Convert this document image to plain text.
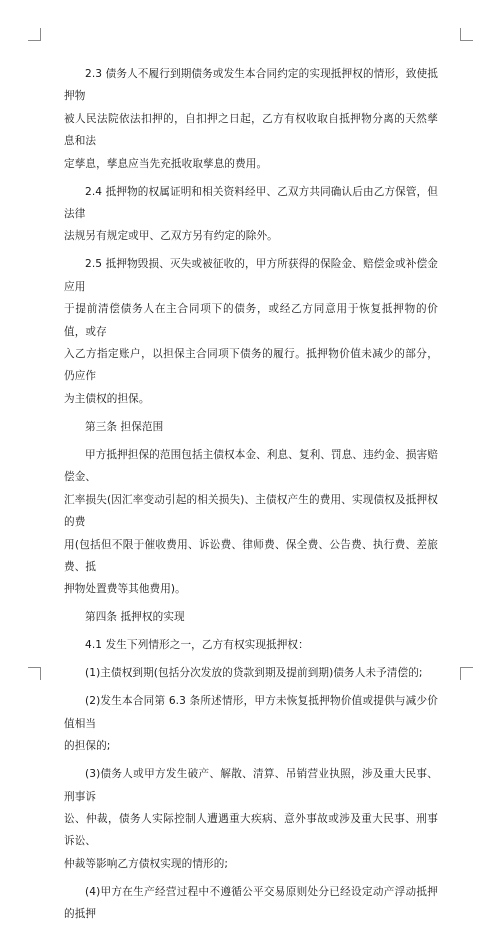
2.3 债务人不履行到期债务或发生本合同约定的实现抵押权的情形，致使抵押物
被人民法院依法扣押的，自扣押之日起，乙方有权收取自抵押物分离的天然孳息和法
定孳息，孳息应当先充抵收取孳息的费用。

2.4 抵押物的权属证明和相关资料经甲、乙双方共同确认后由乙方保管，但法律
法规另有规定或甲、乙双方另有约定的除外。

2.5 抵押物毁损、灭失或被征收的，甲方所获得的保险金、赔偿金或补偿金应用
于提前清偿债务人在主合同项下的债务，或经乙方同意用于恢复抵押物的价值，或存
入乙方指定账户，以担保主合同项下债务的履行。抵押物价值未减少的部分，仍应作
为主债权的担保。

第三条 担保范围

甲方抵押担保的范围包括主债权本金、利息、复利、罚息、违约金、损害赔偿金、
汇率损失(因汇率变动引起的相关损失)、主债权产生的费用、实现债权及抵押权的费
用(包括但不限于催收费用、诉讼费、律师费、保全费、公告费、执行费、差旅费、抵
押物处置费等其他费用)。

第四条 抵押权的实现

4.1 发生下列情形之一，乙方有权实现抵押权：

(1)主债权到期(包括分次发放的贷款到期及提前到期)债务人未予清偿的;

(2)发生本合同第 6.3 条所述情形，甲方未恢复抵押物价值或提供与减少价值相当
的担保的;

(3)债务人或甲方发生破产、解散、清算、吊销营业执照，涉及重大民事、刑事诉
讼、仲裁，债务人实际控制人遭遇重大疾病、意外事故或涉及重大民事、刑事诉讼、
仲裁等影响乙方债权实现的情形的;

(4)甲方在生产经营过程中不遵循公平交易原则处分已经设定动产浮动抵押的抵押
